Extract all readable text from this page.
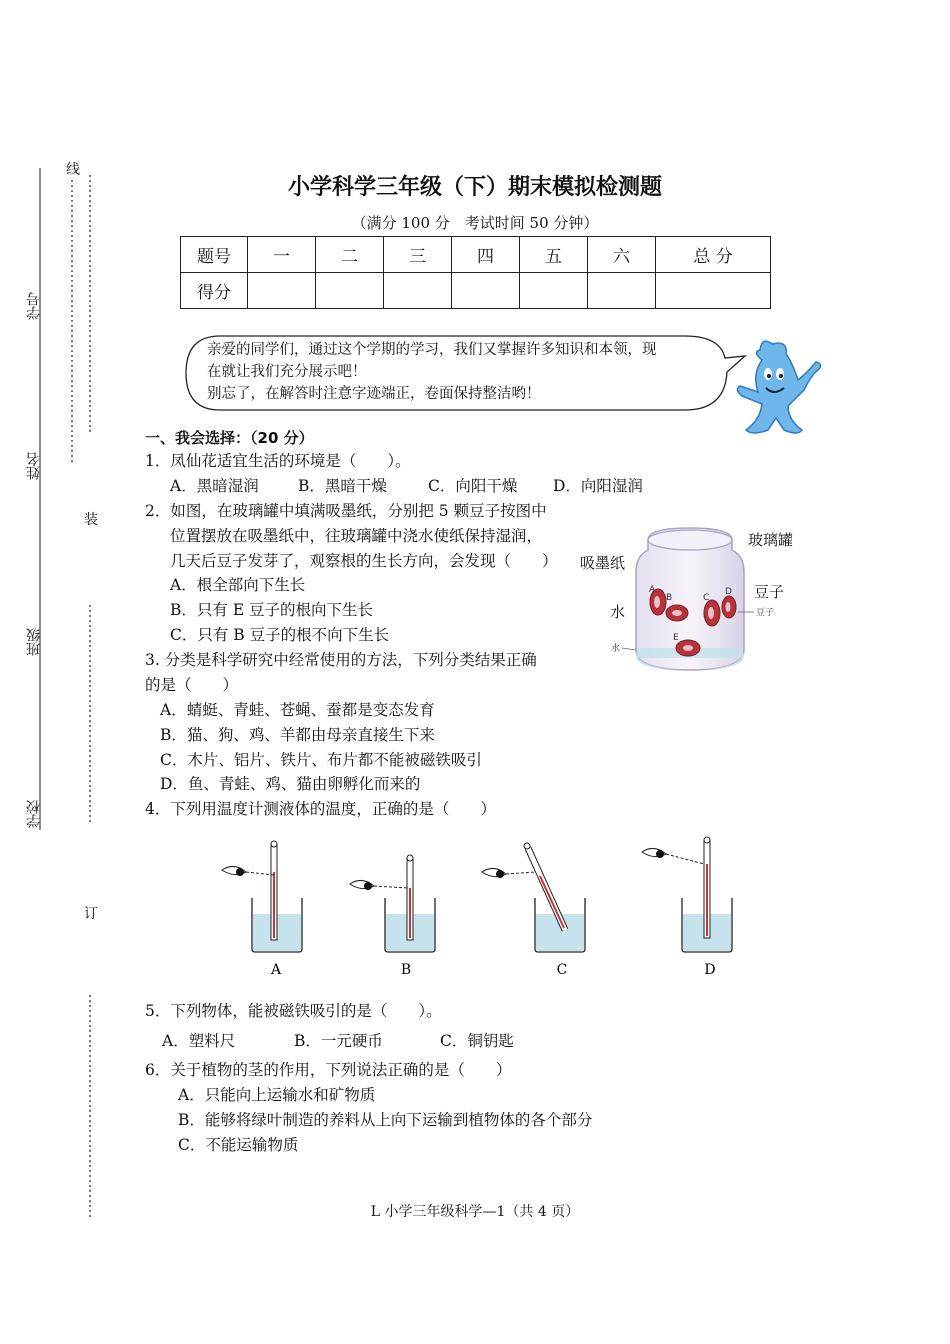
线
装
订
学号
姓名
班级
学校
小学科学三年级（下）期末模拟检测题
（满分 100 分　考试时间 50 分钟）
题号	一	二	三	四	五	六	总 分
得分							
亲爱的同学们，通过这个学期的学习，我们又掌握许多知识和本领，现
在就让我们充分展示吧！
别忘了，在解答时注意字迹端正，卷面保持整洁哟！
一、我会选择：（20 分）
1．凤仙花适宜生活的环境是（　　）。
A．黑暗湿润	B．黑暗干燥	C．向阳干燥 D．向阳湿润
2．如图，在玻璃罐中填满吸墨纸，分别把 5 颗豆子按图中
位置摆放在吸墨纸中，往玻璃罐中浇水使纸保持湿润，
几天后豆子发芽了，观察根的生长方向，会发现（　　）
A．根全部向下生长
B．只有 E 豆子的根向下生长
C．只有 B 豆子的根不向下生长
A
B	C
D
E
豆子
水
玻璃罐
吸墨纸
豆子
水
3. 分类是科学研究中经常使用的方法，下列分类结果正确
的是（　　）
A．蜻蜓、青蛙、苍蝇、蚕都是变态发育
B．猫、狗、鸡、羊都由母亲直接生下来
C．木片、铝片、铁片、布片都不能被磁铁吸引
D．鱼、青蛙、鸡、猫由卵孵化而来的
4．下列用温度计测液体的温度，正确的是（　　）
A	B	C	D
5．下列物体，能被磁铁吸引的是（　　）。
A．塑料尺	B．一元硬币	C．铜钥匙
6．关于植物的茎的作用，下列说法正确的是（　　）
A．只能向上运输水和矿物质
B．能够将绿叶制造的养料从上向下运输到植物体的各个部分
C．不能运输物质
L 小学三年级科学—1（共 4 页）
